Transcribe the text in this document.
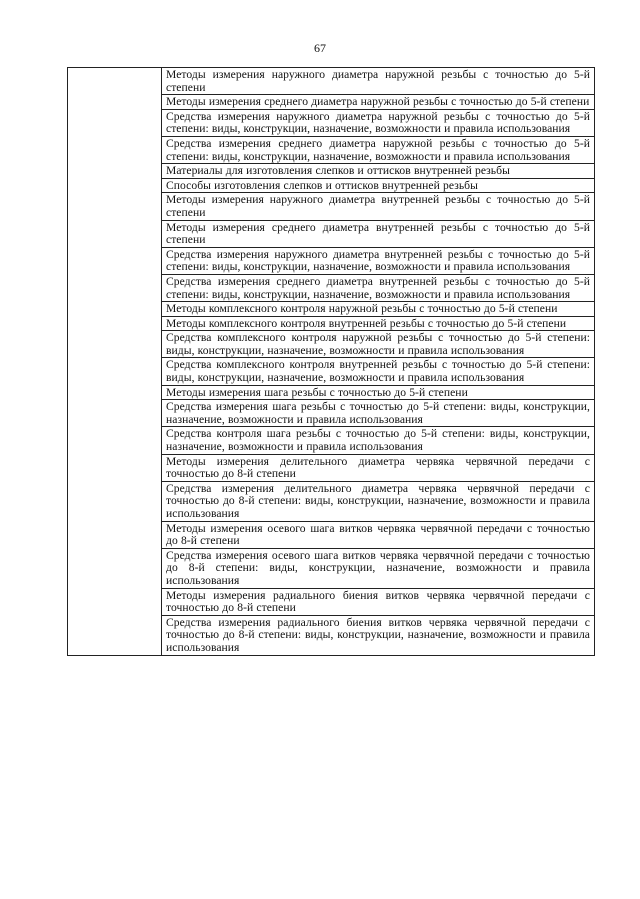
67

Методы измерения наружного диаметра наружной резьбы с точностью до 5-й степени

Методы измерения среднего диаметра наружной резьбы с точностью до 5-й степени

Средства измерения наружного диаметра наружной резьбы с точностью до 5-й степени: виды, конструкции, назначение, возможности и правила использования

Средства измерения среднего диаметра наружной резьбы с точностью до 5-й степени: виды, конструкции, назначение, возможности и правила использования

Материалы для изготовления слепков и оттисков внутренней резьбы

Способы изготовления слепков и оттисков внутренней резьбы

Методы измерения наружного диаметра внутренней резьбы с точностью до 5-й степени

Методы измерения среднего диаметра внутренней резьбы с точностью до 5-й степени

Средства измерения наружного диаметра внутренней резьбы с точностью до 5-й степени: виды, конструкции, назначение, возможности и правила использования

Средства измерения среднего диаметра внутренней резьбы с точностью до 5-й степени: виды, конструкции, назначение, возможности и правила использования

Методы комплексного контроля наружной резьбы с точностью до 5-й степени

Методы комплексного контроля внутренней резьбы с точностью до 5-й степени

Средства комплексного контроля наружной резьбы с точностью до 5-й степени: виды, конструкции, назначение, возможности и правила использования

Средства комплексного контроля внутренней резьбы с точностью до 5-й степени: виды, конструкции, назначение, возможности и правила использования

Методы измерения шага резьбы с точностью до 5-й степени

Средства измерения шага резьбы с точностью до 5-й степени: виды, конструкции, назначение, возможности и правила использования

Средства контроля шага резьбы с точностью до 5-й степени: виды, конструкции, назначение, возможности и правила использования

Методы измерения делительного диаметра червяка червячной передачи с точностью до 8-й степени

Средства измерения делительного диаметра червяка червячной передачи с точностью до 8-й степени: виды, конструкции, назначение, возможности и правила использования

Методы измерения осевого шага витков червяка червячной передачи с точностью до 8-й степени

Средства измерения осевого шага витков червяка червячной передачи с точностью до 8-й степени: виды, конструкции, назначение, возможности и правила использования

Методы измерения радиального биения витков червяка червячной передачи с точностью до 8-й степени

Средства измерения радиального биения витков червяка червячной передачи с точностью до 8-й степени: виды, конструкции, назначение, возможности и правила использования
